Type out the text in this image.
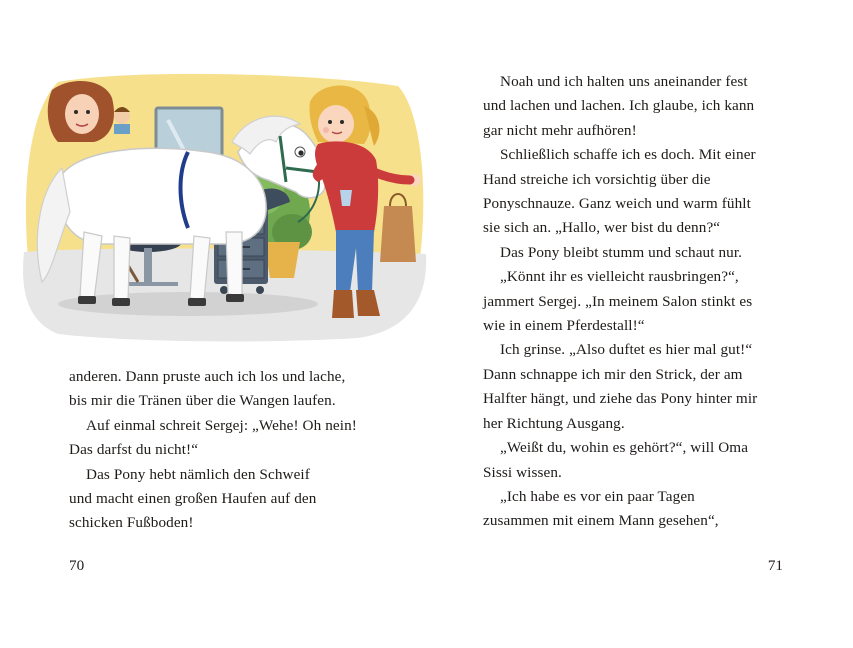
anderen. Dann pruste auch ich los und lache,

bis mir die Tränen über die Wangen laufen.

Auf einmal schreit Sergej: „Wehe! Oh nein!

Das darfst du nicht!“

Das Pony hebt nämlich den Schweif

und macht einen großen Haufen auf den

schicken Fußboden!

70

Noah und ich halten uns aneinander fest

und lachen und lachen. Ich glaube, ich kann

gar nicht mehr aufhören!

Schließlich schaffe ich es doch. Mit einer

Hand streiche ich vorsichtig über die

Ponyschnauze. Ganz weich und warm fühlt

sie sich an. „Hallo, wer bist du denn?“

Das Pony bleibt stumm und schaut nur.

„Könnt ihr es vielleicht rausbringen?“,

jammert Sergej. „In meinem Salon stinkt es

wie in einem Pferdestall!“

Ich grinse. „Also duftet es hier mal gut!“

Dann schnappe ich mir den Strick, der am

Halfter hängt, und ziehe das Pony hinter mir

her Richtung Ausgang.

„Weißt du, wohin es gehört?“, will Oma

Sissi wissen.

„Ich habe es vor ein paar Tagen

zusammen mit einem Mann gesehen“,

71
